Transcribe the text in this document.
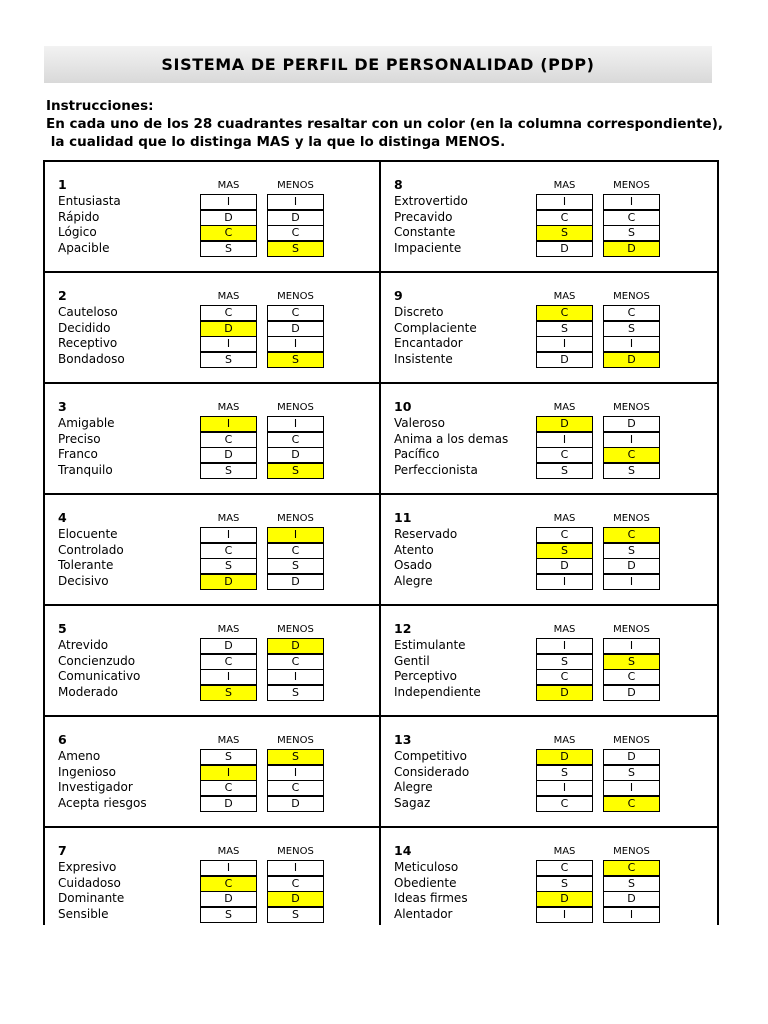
SISTEMA DE PERFIL DE PERSONALIDAD (PDP)
Instrucciones:
En cada uno de los 28 cuadrantes resaltar con un color (en la columna correspondiente),
la cualidad que lo distinga MAS y la que lo distinga MENOS.
1	MAS	MENOS
Entusiasta	I	I
Rápido	D	D
Lógico	C	C
Apacible	S	S
8	MAS	MENOS
Extrovertido	I	I
Precavido	C	C
Constante	S	S
Impaciente	D	D
2	MAS	MENOS
Cauteloso	C	C
Decidido	D	D
Receptivo	I	I
Bondadoso	S	S
9	MAS	MENOS
Discreto	C	C
Complaciente	S	S
Encantador	I	I
Insistente	D	D
3	MAS	MENOS
Amigable	I	I
Preciso	C	C
Franco	D	D
Tranquilo	S	S
10	MAS	MENOS
Valeroso	D	D
Anima a los demas	I	I
Pacífico	C	C
Perfeccionista	S	S
4	MAS	MENOS
Elocuente	I	I
Controlado	C	C
Tolerante	S	S
Decisivo	D	D
11	MAS	MENOS
Reservado	C	C
Atento	S	S
Osado	D	D
Alegre	I	I
5	MAS	MENOS
Atrevido	D	D
Concienzudo	C	C
Comunicativo	I	I
Moderado	S	S
12	MAS	MENOS
Estimulante	I	I
Gentil	S	S
Perceptivo	C	C
Independiente	D	D
6	MAS	MENOS
Ameno	S	S
Ingenioso	I	I
Investigador	C	C
Acepta riesgos	D	D
13	MAS	MENOS
Competitivo	D	D
Considerado	S	S
Alegre	I	I
Sagaz	C	C
7	MAS	MENOS
Expresivo	I	I
Cuidadoso	C	C
Dominante	D	D
Sensible	S	S
14	MAS	MENOS
Meticuloso	C	C
Obediente	S	S
Ideas firmes	D	D
Alentador	I	I
